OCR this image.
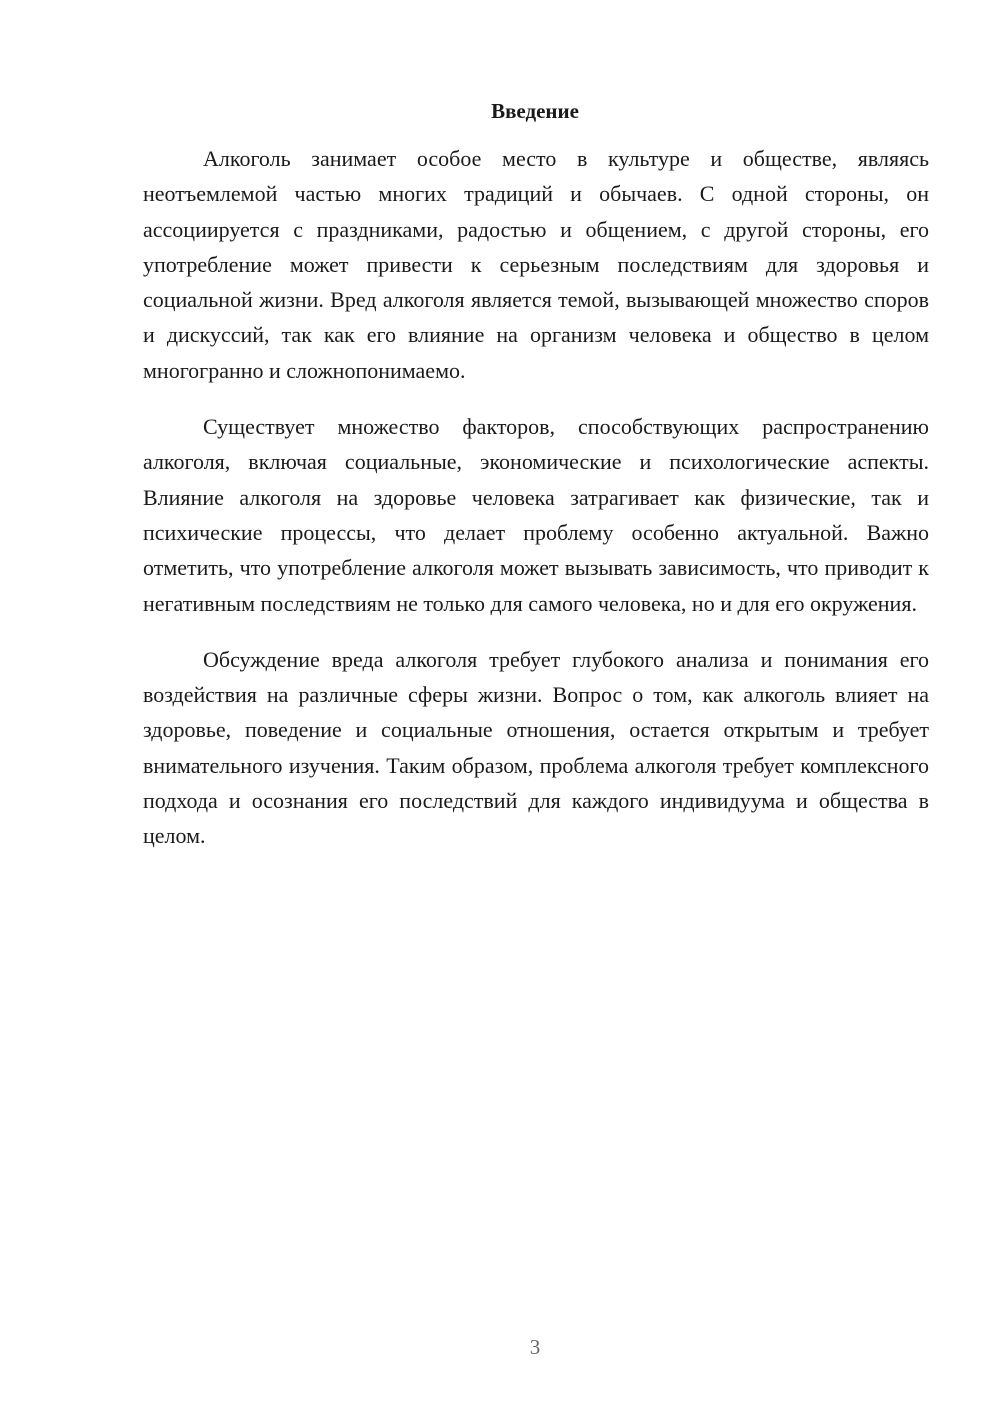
Введение

Алкоголь занимает особое место в культуре и обществе, являясь неотъемлемой частью многих традиций и обычаев. С одной стороны, он ассоциируется с праздниками, радостью и общением, с другой стороны, его употребление может привести к серьезным последствиям для здоровья и социальной жизни. Вред алкоголя является темой, вызывающей множество споров и дискуссий, так как его влияние на организм человека и общество в целом многогранно и сложнопонимаемо.

Существует множество факторов, способствующих распространению алкоголя, включая социальные, экономические и психологические аспекты. Влияние алкоголя на здоровье человека затрагивает как физические, так и психические процессы, что делает проблему особенно актуальной. Важно отметить, что употребление алкоголя может вызывать зависимость, что приводит к негативным последствиям не только для самого человека, но и для его окружения.

Обсуждение вреда алкоголя требует глубокого анализа и понимания его воздействия на различные сферы жизни. Вопрос о том, как алкоголь влияет на здоровье, поведение и социальные отношения, остается открытым и требует внимательного изучения. Таким образом, проблема алкоголя требует комплексного подхода и осознания его последствий для каждого индивидуума и общества в целом.

3
